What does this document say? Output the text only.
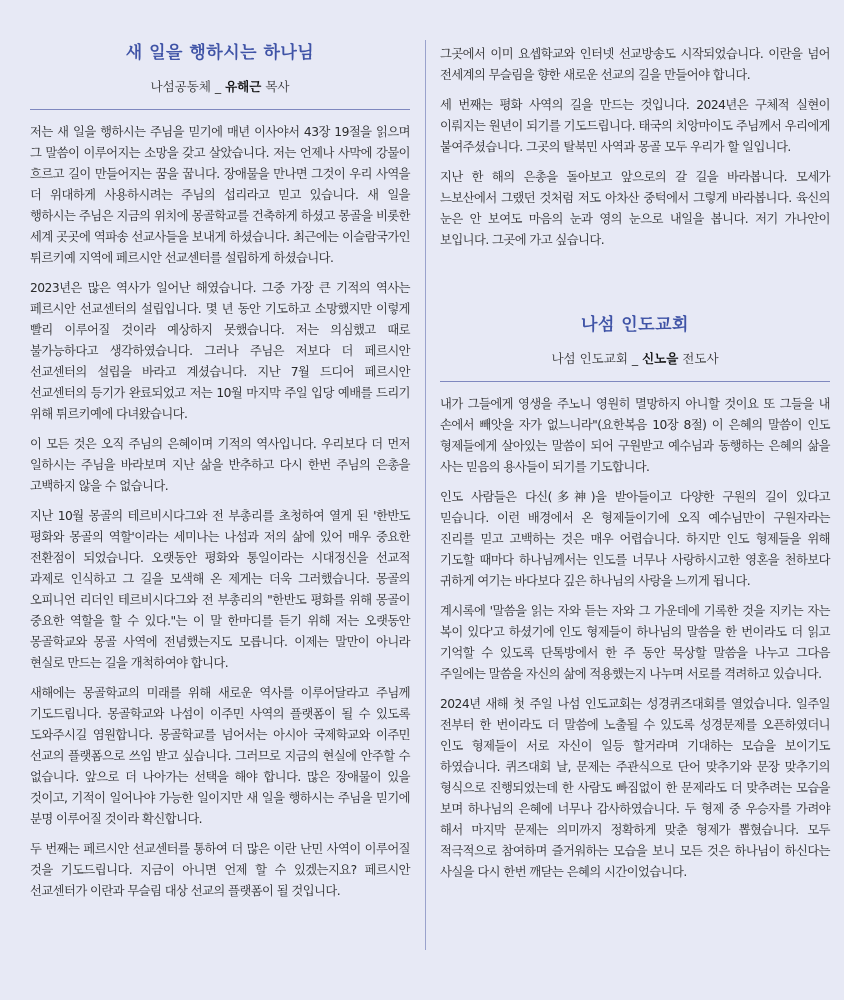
새 일을 행하시는 하나님
나섬공동체 _ 유해근 목사

저는 새 일을 행하시는 주님을 믿기에 매년 이사야서 43장 19절을 읽으며 그 말씀이 이루어지는 소망을 갖고 살았습니다. 저는 언제나 사막에 강물이 흐르고 길이 만들어지는 꿈을 꿉니다. 장애물을 만나면 그것이 우리 사역을 더 위대하게 사용하시려는 주님의 섭리라고 믿고 있습니다. 새 일을 행하시는 주님은 지금의 위치에 몽골학교를 건축하게 하셨고 몽골을 비롯한 세계 곳곳에 역파송 선교사들을 보내게 하셨습니다. 최근에는 이슬람국가인 튀르키예 지역에 페르시안 선교센터를 설립하게 하셨습니다.

2023년은 많은 역사가 일어난 해였습니다. 그중 가장 큰 기적의 역사는 페르시안 선교센터의 설립입니다. 몇 년 동안 기도하고 소망했지만 이렇게 빨리 이루어질 것이라 예상하지 못했습니다. 저는 의심했고 때로 불가능하다고 생각하였습니다. 그러나 주님은 저보다 더 페르시안 선교센터의 설립을 바라고 계셨습니다. 지난 7월 드디어 페르시안 선교센터의 등기가 완료되었고 저는 10월 마지막 주일 입당 예배를 드리기 위해 튀르키예에 다녀왔습니다.

이 모든 것은 오직 주님의 은혜이며 기적의 역사입니다. 우리보다 더 먼저 일하시는 주님을 바라보며 지난 삶을 반추하고 다시 한번 주님의 은총을 고백하지 않을 수 없습니다.

지난 10월 몽골의 테르비시다그와 전 부총리를 초청하여 열게 된 '한반도 평화와 몽골의 역할'이라는 세미나는 나섬과 저의 삶에 있어 매우 중요한 전환점이 되었습니다. 오랫동안 평화와 통일이라는 시대정신을 선교적 과제로 인식하고 그 길을 모색해 온 제게는 더욱 그러했습니다. 몽골의 오피니언 리더인 테르비시다그와 전 부총리의 "한반도 평화를 위해 몽골이 중요한 역할을 할 수 있다."는 이 말 한마디를 듣기 위해 저는 오랫동안 몽골학교와 몽골 사역에 전념했는지도 모릅니다. 이제는 말만이 아니라 현실로 만드는 길을 개척하여야 합니다.

새해에는 몽골학교의 미래를 위해 새로운 역사를 이루어달라고 주님께 기도드립니다. 몽골학교와 나섬이 이주민 사역의 플랫폼이 될 수 있도록 도와주시길 염원합니다. 몽골학교를 넘어서는 아시아 국제학교와 이주민 선교의 플랫폼으로 쓰임 받고 싶습니다. 그러므로 지금의 현실에 안주할 수 없습니다. 앞으로 더 나아가는 선택을 해야 합니다. 많은 장애물이 있을 것이고, 기적이 일어나야 가능한 일이지만 새 일을 행하시는 주님을 믿기에 분명 이루어질 것이라 확신합니다.

두 번째는 페르시안 선교센터를 통하여 더 많은 이란 난민 사역이 이루어질 것을 기도드립니다. 지금이 아니면 언제 할 수 있겠는지요? 페르시안 선교센터가 이란과 무슬림 대상 선교의 플랫폼이 될 것입니다.

그곳에서 이미 요셉학교와 인터넷 선교방송도 시작되었습니다. 이란을 넘어 전세계의 무슬림을 향한 새로운 선교의 길을 만들어야 합니다.

세 번째는 평화 사역의 길을 만드는 것입니다. 2024년은 구체적 실현이 이뤄지는 원년이 되기를 기도드립니다. 태국의 치앙마이도 주님께서 우리에게 붙여주셨습니다. 그곳의 탈북민 사역과 몽골 모두 우리가 할 일입니다.

지난 한 해의 은총을 돌아보고 앞으로의 갈 길을 바라봅니다. 모세가 느보산에서 그랬던 것처럼 저도 아차산 중턱에서 그렇게 바라봅니다. 육신의 눈은 안 보여도 마음의 눈과 영의 눈으로 내일을 봅니다. 저기 가나안이 보입니다. 그곳에 가고 싶습니다.

나섬 인도교회
나섬 인도교회 _ 신노을 전도사

내가 그들에게 영생을 주노니 영원히 멸망하지 아니할 것이요 또 그들을 내 손에서 빼앗을 자가 없느니라"(요한복음 10장 8절) 이 은혜의 말씀이 인도 형제들에게 살아있는 말씀이 되어 구원받고 예수님과 동행하는 은혜의 삶을 사는 믿음의 용사들이 되기를 기도합니다.

인도 사람들은 다신(多神)을 받아들이고 다양한 구원의 길이 있다고 믿습니다. 이런 배경에서 온 형제들이기에 오직 예수님만이 구원자라는 진리를 믿고 고백하는 것은 매우 어렵습니다. 하지만 인도 형제들을 위해 기도할 때마다 하나님께서는 인도를 너무나 사랑하시고한 영혼을 천하보다 귀하게 여기는 바다보다 깊은 하나님의 사랑을 느끼게 됩니다.

계시록에 '말씀을 읽는 자와 듣는 자와 그 가운데에 기록한 것을 지키는 자는 복이 있다'고 하셨기에 인도 형제들이 하나님의 말씀을 한 번이라도 더 읽고 기억할 수 있도록 단톡방에서 한 주 동안 묵상할 말씀을 나누고 그다음 주일에는 말씀을 자신의 삶에 적용했는지 나누며 서로를 격려하고 있습니다.

2024년 새해 첫 주일 나섬 인도교회는 성경퀴즈대회를 열었습니다. 일주일 전부터 한 번이라도 더 말씀에 노출될 수 있도록 성경문제를 오픈하였더니 인도 형제들이 서로 자신이 일등 할거라며 기대하는 모습을 보이기도 하였습니다. 퀴즈대회 날, 문제는 주관식으로 단어 맞추기와 문장 맞추기의 형식으로 진행되었는데 한 사람도 빠짐없이 한 문제라도 더 맞추려는 모습을 보며 하나님의 은혜에 너무나 감사하였습니다. 두 형제 중 우승자를 가려야 해서 마지막 문제는 의미까지 정확하게 맞춘 형제가 뽑혔습니다. 모두 적극적으로 참여하며 즐거워하는 모습을 보니 모든 것은 하나님이 하신다는 사실을 다시 한번 깨닫는 은혜의 시간이었습니다.
